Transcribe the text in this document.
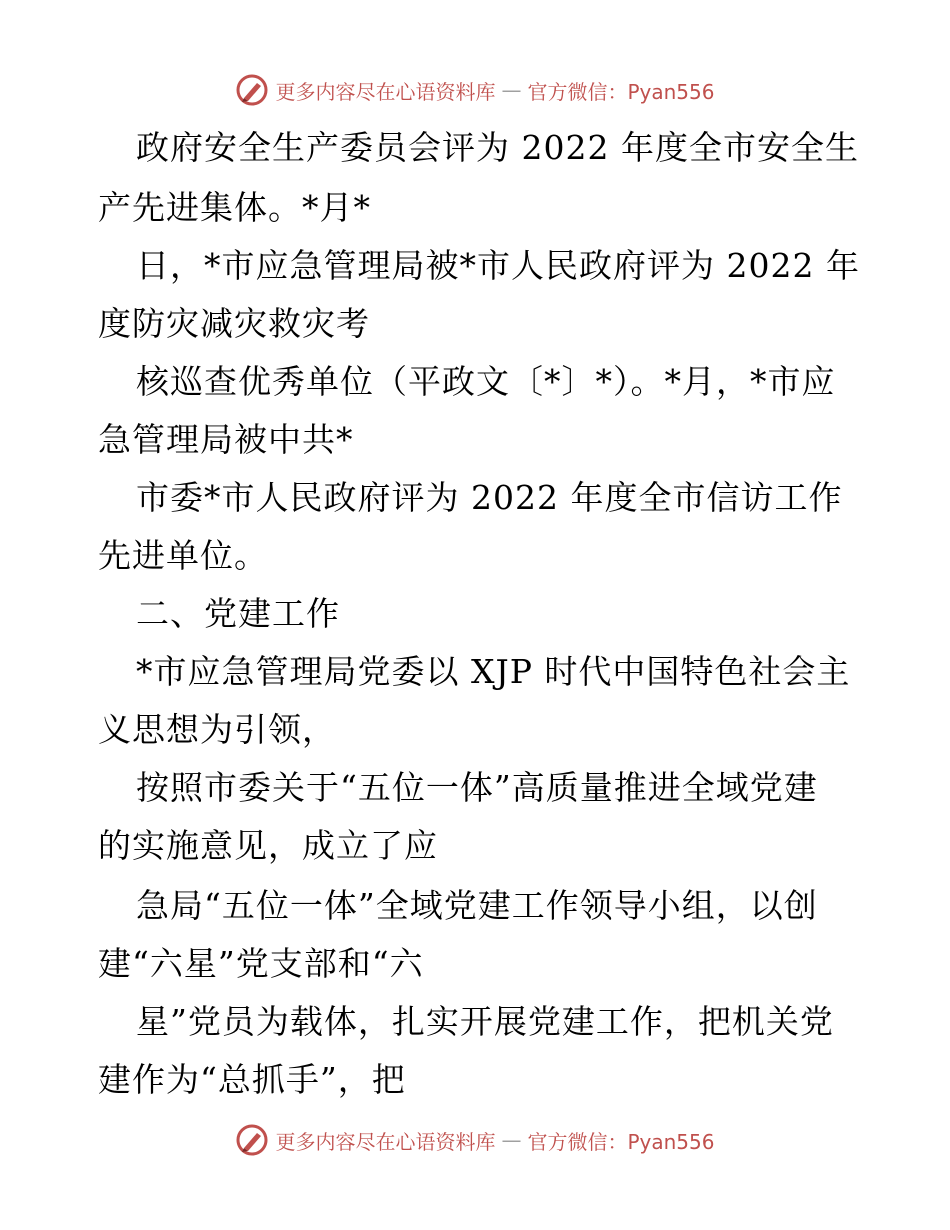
更多内容尽在心语资料库 — 官方微信：Pyan556
政府安全生产委员会评为 2022 年度全市安全生
产先进集体。*月*
日，*市应急管理局被*市人民政府评为 2022 年
度防灾减灾救灾考
核巡查优秀单位（平政文〔*〕*）。*月，*市应
急管理局被中共*
市委*市人民政府评为 2022 年度全市信访工作
先进单位。
二、党建工作
*市应急管理局党委以 XJP 时代中国特色社会主
义思想为引领，
按照市委关于“五位一体”高质量推进全域党建
的实施意见，成立了应
急局“五位一体”全域党建工作领导小组，以创
建“六星”党支部和“六
星”党员为载体，扎实开展党建工作，把机关党
建作为“总抓手”，把
更多内容尽在心语资料库 — 官方微信：Pyan556
